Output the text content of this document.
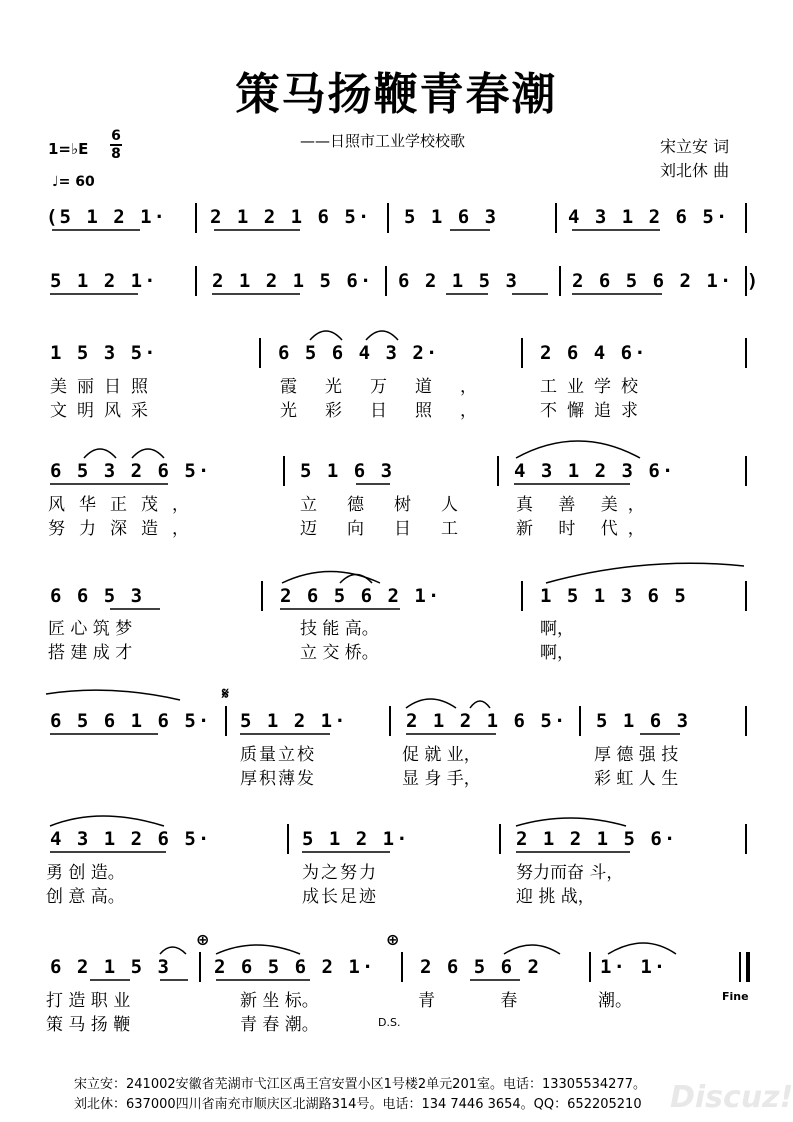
策马扬鞭青春潮
——日照市工业学校校歌	宋立安 词
刘北休 曲
1=♭E
6
8
♩= 60
(5 1 2 1· 2 1 2 1 6 5· 5 1 6 3	4 3 1 2 6 5·
5 1 2 1·	2 1 2 1 5 6· 6 2 1 5 3	2 6 5 6 2 1· )
1 5 3 5·	6 5 6 4 3 2·	2 6 4 6·
美丽日照	霞光万道， 工业学校
文明风采	光彩日照， 不懈追求
6 5 3 2 6 5·	5 1 6 3	4 3 1 2 3 6·
风华正茂，	立德树人 真 善 美，
努力深造，	迈向日工 新 时 代，
6 6 5 3	2 6 5 6 2 1·	1 5 1 3 6 5
匠 心 筑 梦	技 能 高。	啊，
搭 建 成 才	立 交 桥。	啊，
𝄋
6 5 6 1 6 5· 5 1 2 1·	2 1 2 1 6 5· 5 1 6 3
质量立校	促 就 业，	厚 德 强 技
厚积薄发	显 身 手，	彩 虹 人 生
4 3 1 2 6 5·	5 1 2 1·	2 1 2 1 5 6·
勇 创 造。	为之努力	努力而奋 斗，
创 意 高。	成长足迹	迎 挑 战，
⊕	⊕
6 2 1 5 3 2 6 5 6 2 1· 2 6 5 6 2	1· 1·
打 造 职 业	新 坐 标。	青 春	潮。
策 马 扬 鞭	青 春 潮。
Fine
D.S.
宋立安：241002安徽省芜湖市弋江区禹王宫安置小区1号楼2单元201室。电话：13305534277。
刘北休：637000四川省南充市顺庆区北湖路314号。电话：134 7446 3654。QQ：652205210 Discuz!
